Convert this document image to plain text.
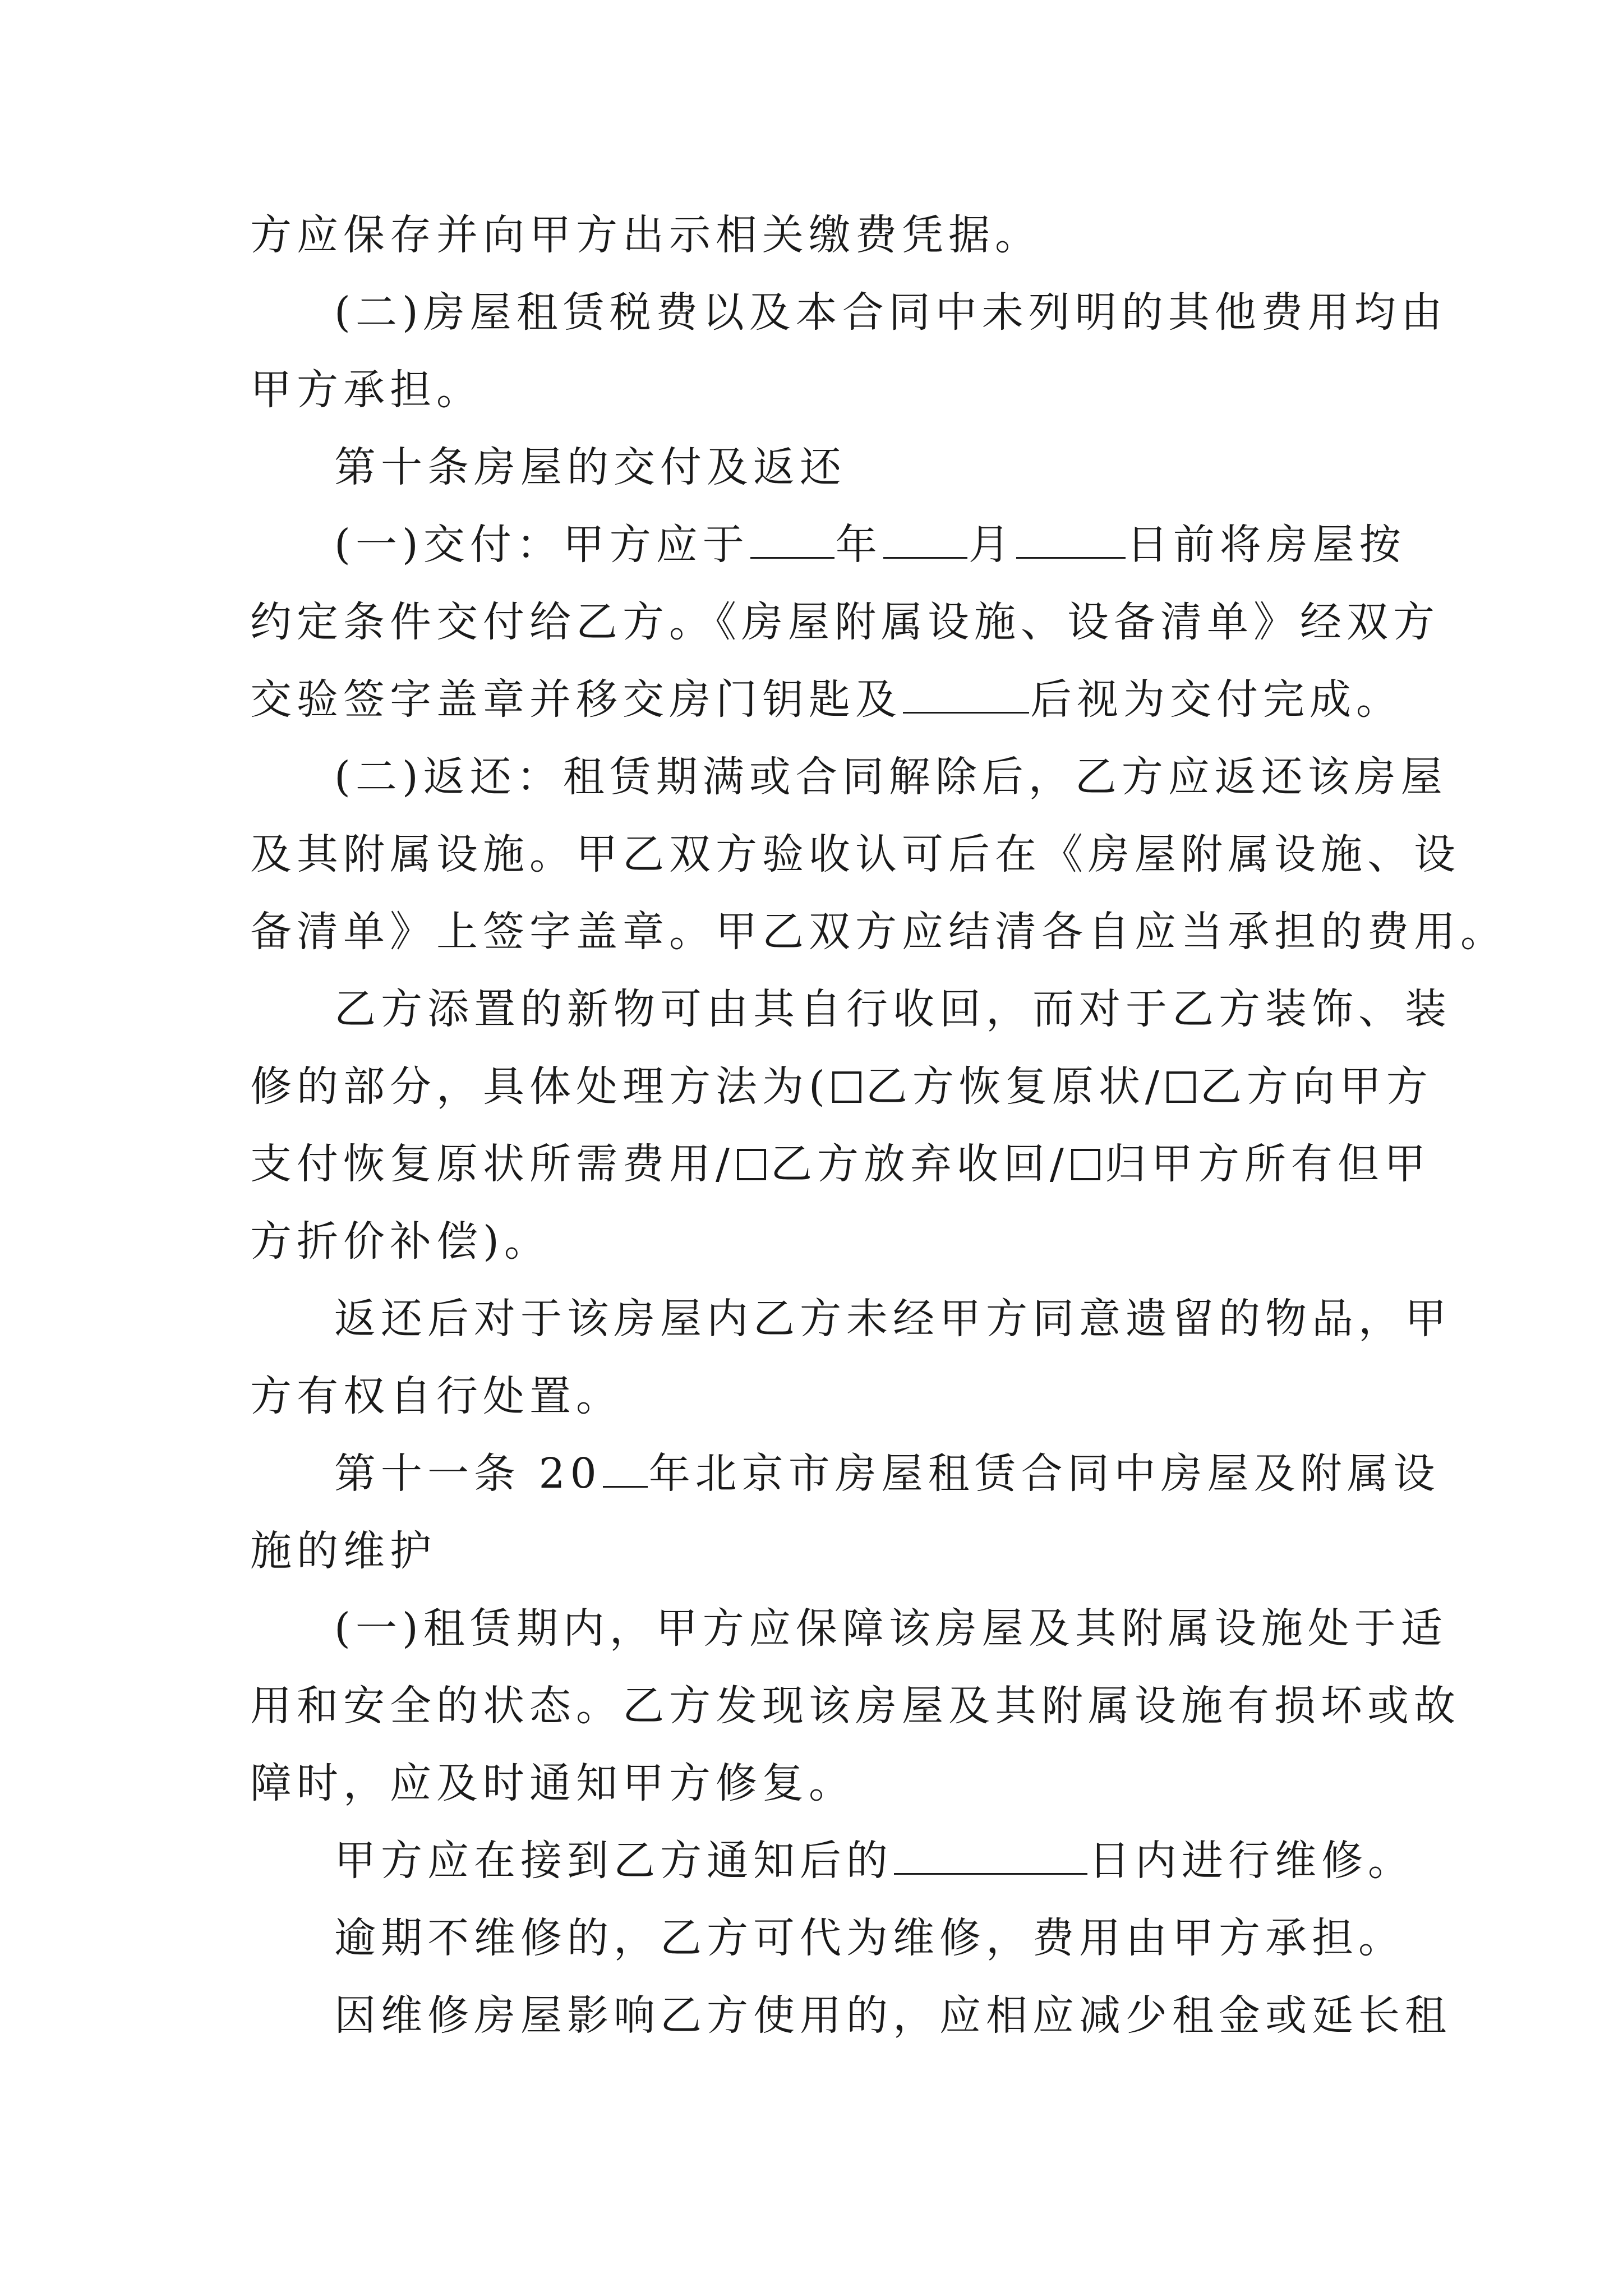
方应保存并向甲方出示相关缴费凭据。
(二)房屋租赁税费以及本合同中未列明的其他费用均由
甲方承担。
第十条房屋的交付及返还
(一)交付：甲方应于 年 月	日前将房屋按
约定条件交付给乙方。《房屋附属设施、设备清单》经双方
交验签字盖章并移交房门钥匙及	后视为交付完成。
(二)返还：租赁期满或合同解除后，乙方应返还该房屋
及其附属设施。甲乙双方验收认可后在《房屋附属设施、设
备清单》上签字盖章。甲乙双方应结清各自应当承担的费用。
乙方添置的新物可由其自行收回，而对于乙方装饰、装
修的部分，具体处理方法为( 乙方恢复原状/ 乙方向甲方
支付恢复原状所需费用/ 乙方放弃收回/ 归甲方所有但甲
方折价补偿)。
返还后对于该房屋内乙方未经甲方同意遗留的物品，甲
方有权自行处置。
第十一条 20 年北京市房屋租赁合同中房屋及附属设
施的维护
(一)租赁期内，甲方应保障该房屋及其附属设施处于适
用和安全的状态。乙方发现该房屋及其附属设施有损坏或故
障时，应及时通知甲方修复。
甲方应在接到乙方通知后的	日内进行维修。
逾期不维修的，乙方可代为维修，费用由甲方承担。
因维修房屋影响乙方使用的，应相应减少租金或延长租
